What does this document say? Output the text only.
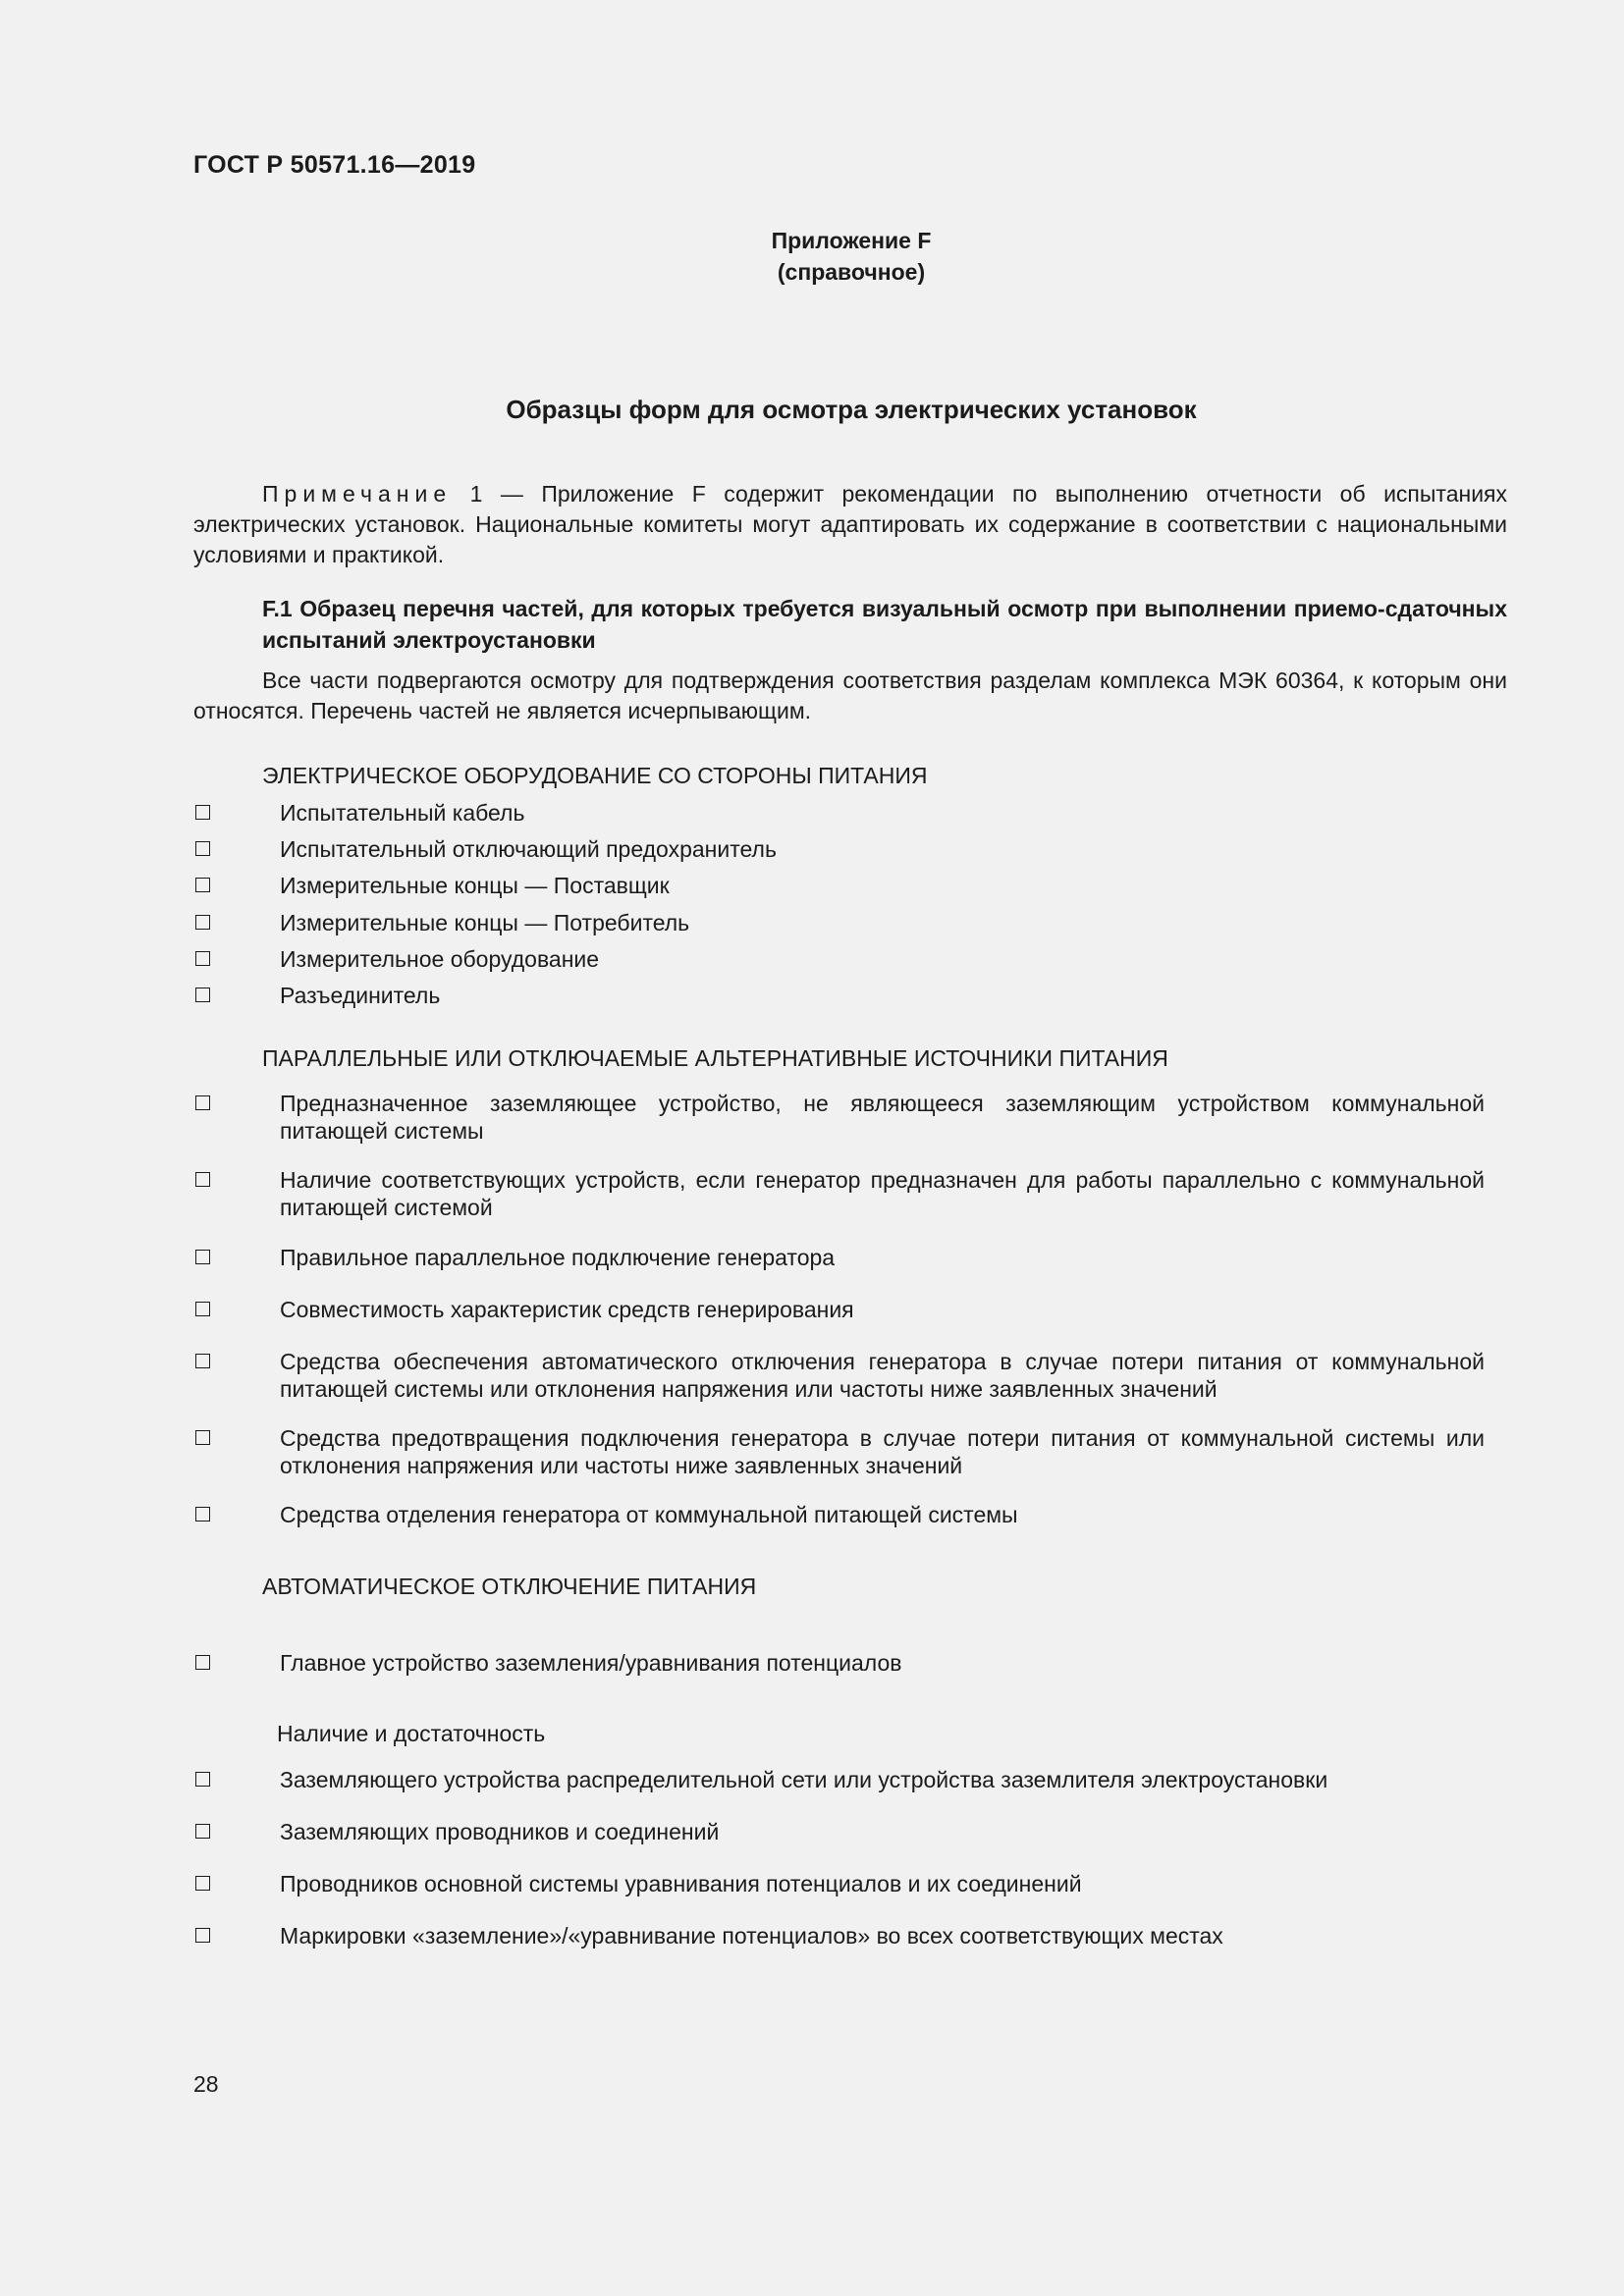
ГОСТ Р 50571.16—2019
Приложение F
(справочное)
Образцы форм для осмотра электрических установок
Примечание 1 — Приложение F содержит рекомендации по выполнению отчетности об испытаниях электрических установок. Национальные комитеты могут адаптировать их содержание в соответствии с национальными условиями и практикой.
F.1 Образец перечня частей, для которых требуется визуальный осмотр при выполнении приемо-сдаточных испытаний электроустановки
Все части подвергаются осмотру для подтверждения соответствия разделам комплекса МЭК 60364, к которым они относятся. Перечень частей не является исчерпывающим.
ЭЛЕКТРИЧЕСКОЕ ОБОРУДОВАНИЕ СО СТОРОНЫ ПИТАНИЯ
Испытательный кабель
Испытательный отключающий предохранитель
Измерительные концы — Поставщик
Измерительные концы — Потребитель
Измерительное оборудование
Разъединитель
ПАРАЛЛЕЛЬНЫЕ ИЛИ ОТКЛЮЧАЕМЫЕ АЛЬТЕРНАТИВНЫЕ ИСТОЧНИКИ ПИТАНИЯ
Предназначенное заземляющее устройство, не являющееся заземляющим устройством коммунальной питающей системы
Наличие соответствующих устройств, если генератор предназначен для работы параллельно с коммунальной питающей системой
Правильное параллельное подключение генератора
Совместимость характеристик средств генерирования
Средства обеспечения автоматического отключения генератора в случае потери питания от коммунальной питающей системы или отклонения напряжения или частоты ниже заявленных значений
Средства предотвращения подключения генератора в случае потери питания от коммунальной системы или отклонения напряжения или частоты ниже заявленных значений
Средства отделения генератора от коммунальной питающей системы
АВТОМАТИЧЕСКОЕ ОТКЛЮЧЕНИЕ ПИТАНИЯ
Главное устройство заземления/уравнивания потенциалов
Наличие и достаточность
Заземляющего устройства распределительной сети или устройства заземлителя электроустановки
Заземляющих проводников и соединений
Проводников основной системы уравнивания потенциалов и их соединений
Маркировки «заземление»/«уравнивание потенциалов» во всех соответствующих местах
28
